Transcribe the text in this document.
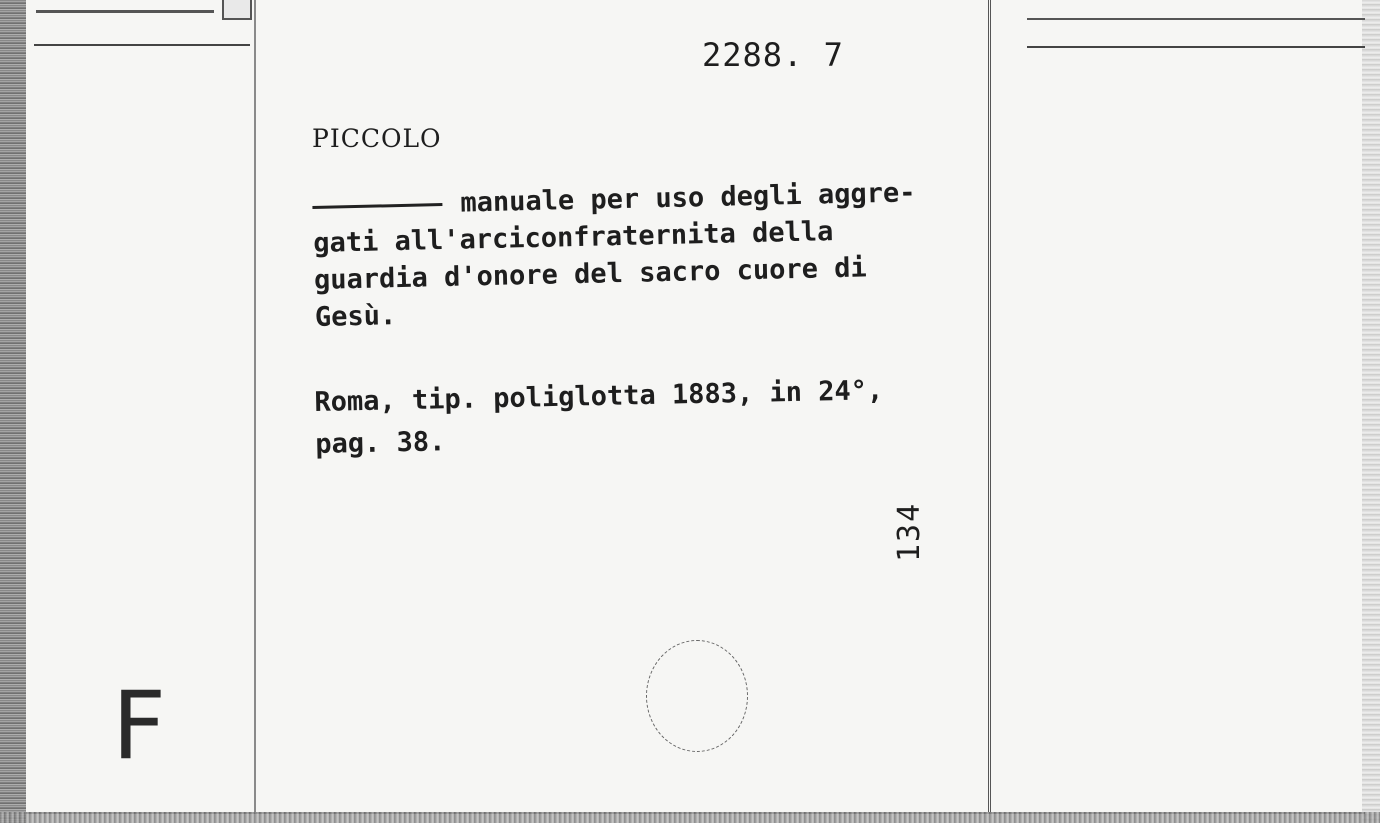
F
2288. 7
PICCOLO
manuale per uso degli aggre-
gati all'arciconfraternita della
guardia d'onore del sacro cuore di
Gesù.
Roma, tip. poliglotta 1883, in 24°,
pag. 38.
134
